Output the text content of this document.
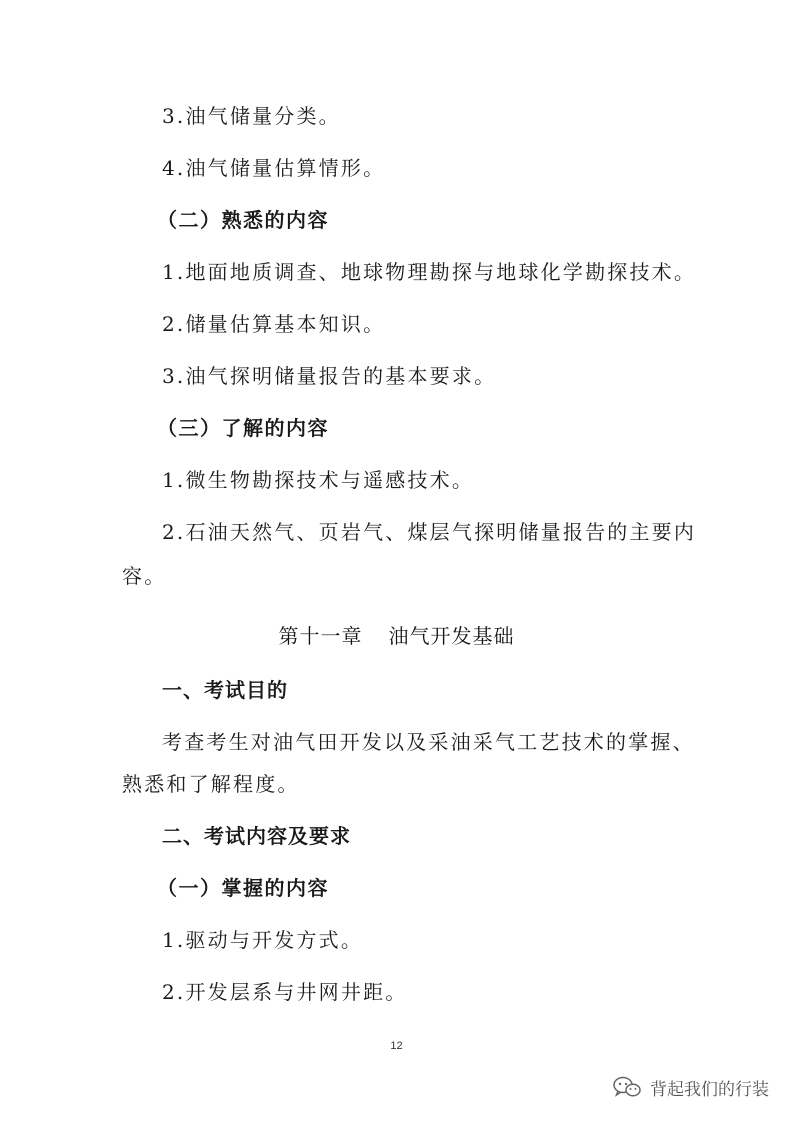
3.油气储量分类。
4.油气储量估算情形。
（二）熟悉的内容
1.地面地质调查、地球物理勘探与地球化学勘探技术。
2.储量估算基本知识。
3.油气探明储量报告的基本要求。
（三）了解的内容
1.微生物勘探技术与遥感技术。
2.石油天然气、页岩气、煤层气探明储量报告的主要内
容。
第十一章 油气开发基础
一、考试目的
考查考生对油气田开发以及采油采气工艺技术的掌握、
熟悉和了解程度。
二、考试内容及要求
（一）掌握的内容
1.驱动与开发方式。
2.开发层系与井网井距。
12
背起我们的行装
